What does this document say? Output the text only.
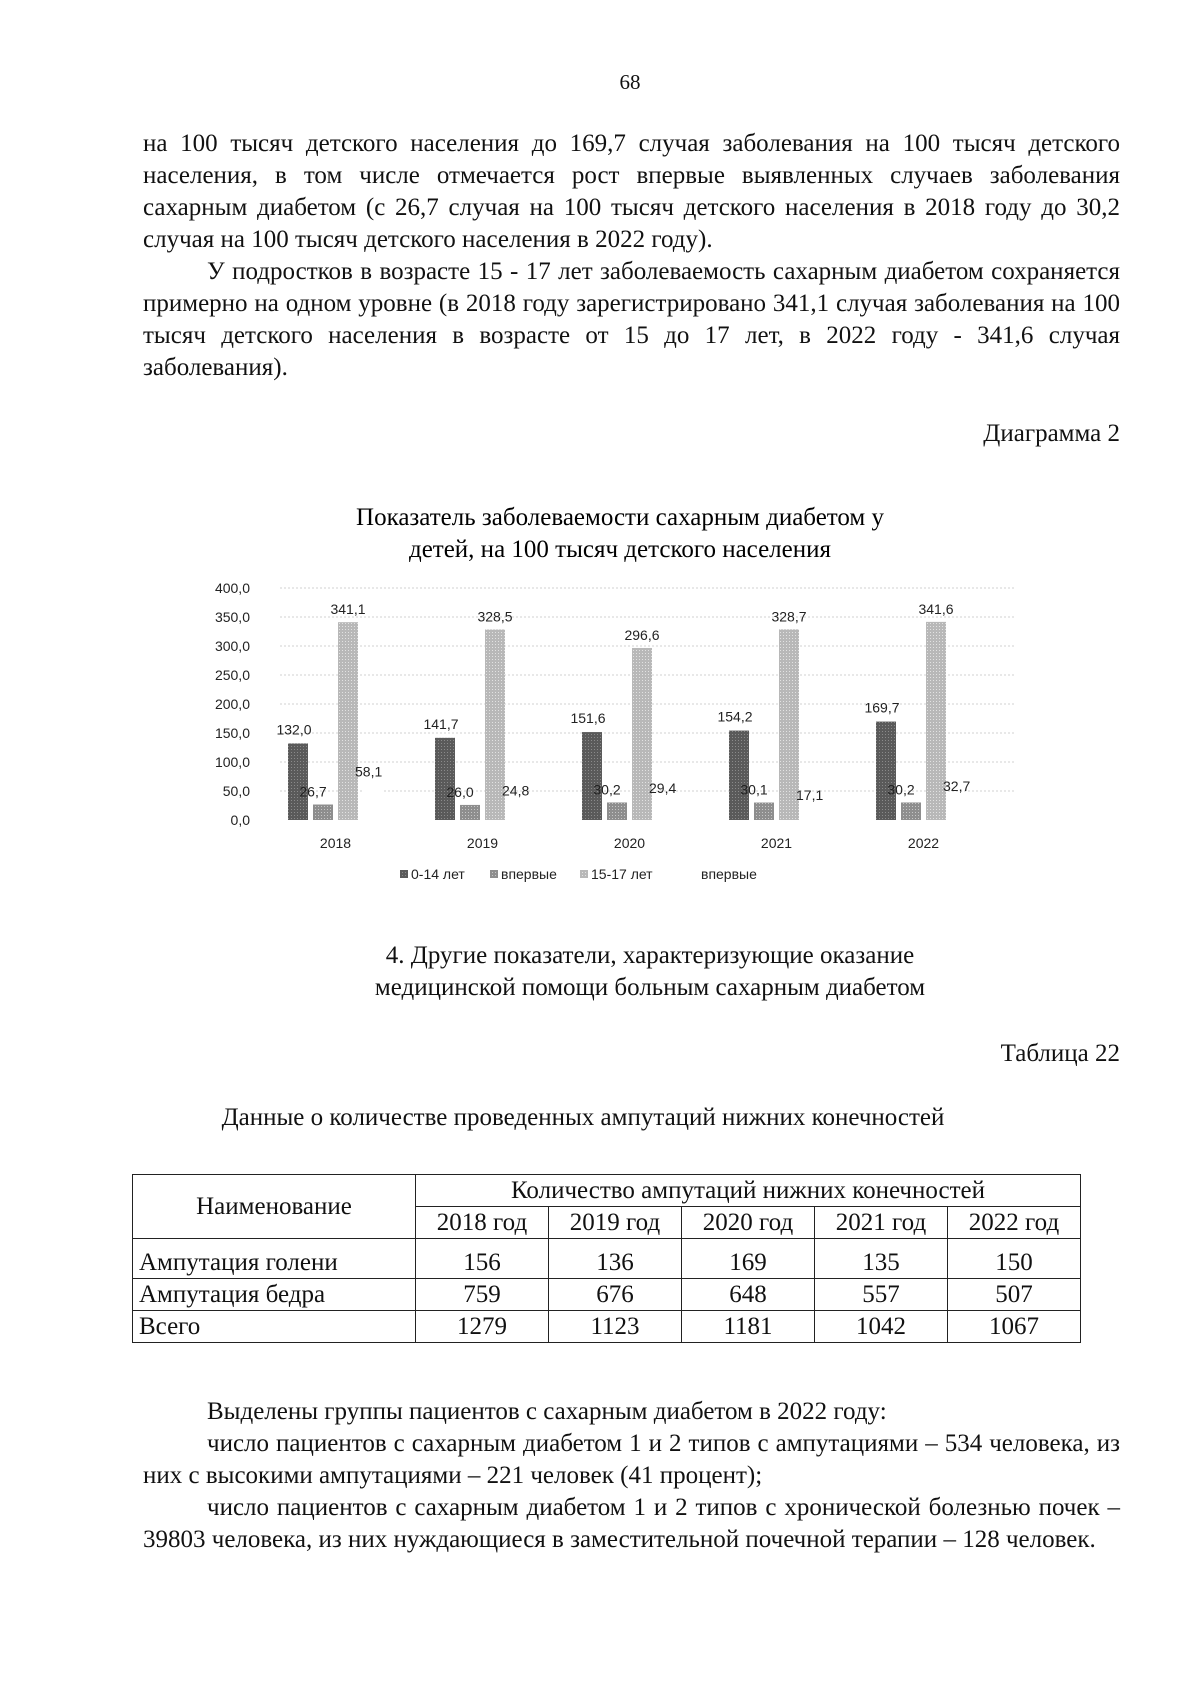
68

на 100 тысяч детского населения до 169,7 случая заболевания на 100 тысяч детского населения, в том числе отмечается рост впервые выявленных случаев заболевания сахарным диабетом (с 26,7 случая на 100 тысяч детского населения в 2018 году до 30,2 случая на 100 тысяч детского населения в 2022 году).

У подростков в возрасте 15 - 17 лет заболеваемость сахарным диабетом сохраняется примерно на одном уровне (в 2018 году зарегистрировано 341,1 случая заболевания на 100 тысяч детского населения в возрасте от 15 до 17 лет, в 2022 году - 341,6 случая заболевания).

Диаграмма 2
Показатель заболеваемости сахарным диабетом у
детей, на 100 тысяч детского населения
0,0
50,0
100,0
150,0
200,0
250,0
300,0
350,0
400,0
132,0
26,7
341,1
58,1
141,7
26,0
328,5
24,8
151,6
30,2
296,6
29,4
154,2
30,1
328,7
17,1
169,7
30,2
341,6
32,7
2018	2019	2020	2021	2022
0-14 лет	впервые 15-17 лет	впервые
4. Другие показатели, характеризующие оказание
медицинской помощи больным сахарным диабетом
Таблица 22
Данные о количестве проведенных ампутаций нижних конечностей
Наименование	Количество ампутаций нижних конечностей				
	2018 год	2019 год	2020 год	2021 год	2022 год
Ампутация голени	156	136	169	135	150
Ампутация бедра	759	676	648	557	507
Всего	1279	1123	1181	1042	1067

Выделены группы пациентов с сахарным диабетом в 2022 году:

число пациентов с сахарным диабетом 1 и 2 типов с ампутациями – 534 человека, из них с высокими ампутациями – 221 человек (41 процент);

число пациентов с сахарным диабетом 1 и 2 типов с хронической болезнью почек – 39803 человека, из них нуждающиеся в заместительной почечной терапии – 128 человек.
